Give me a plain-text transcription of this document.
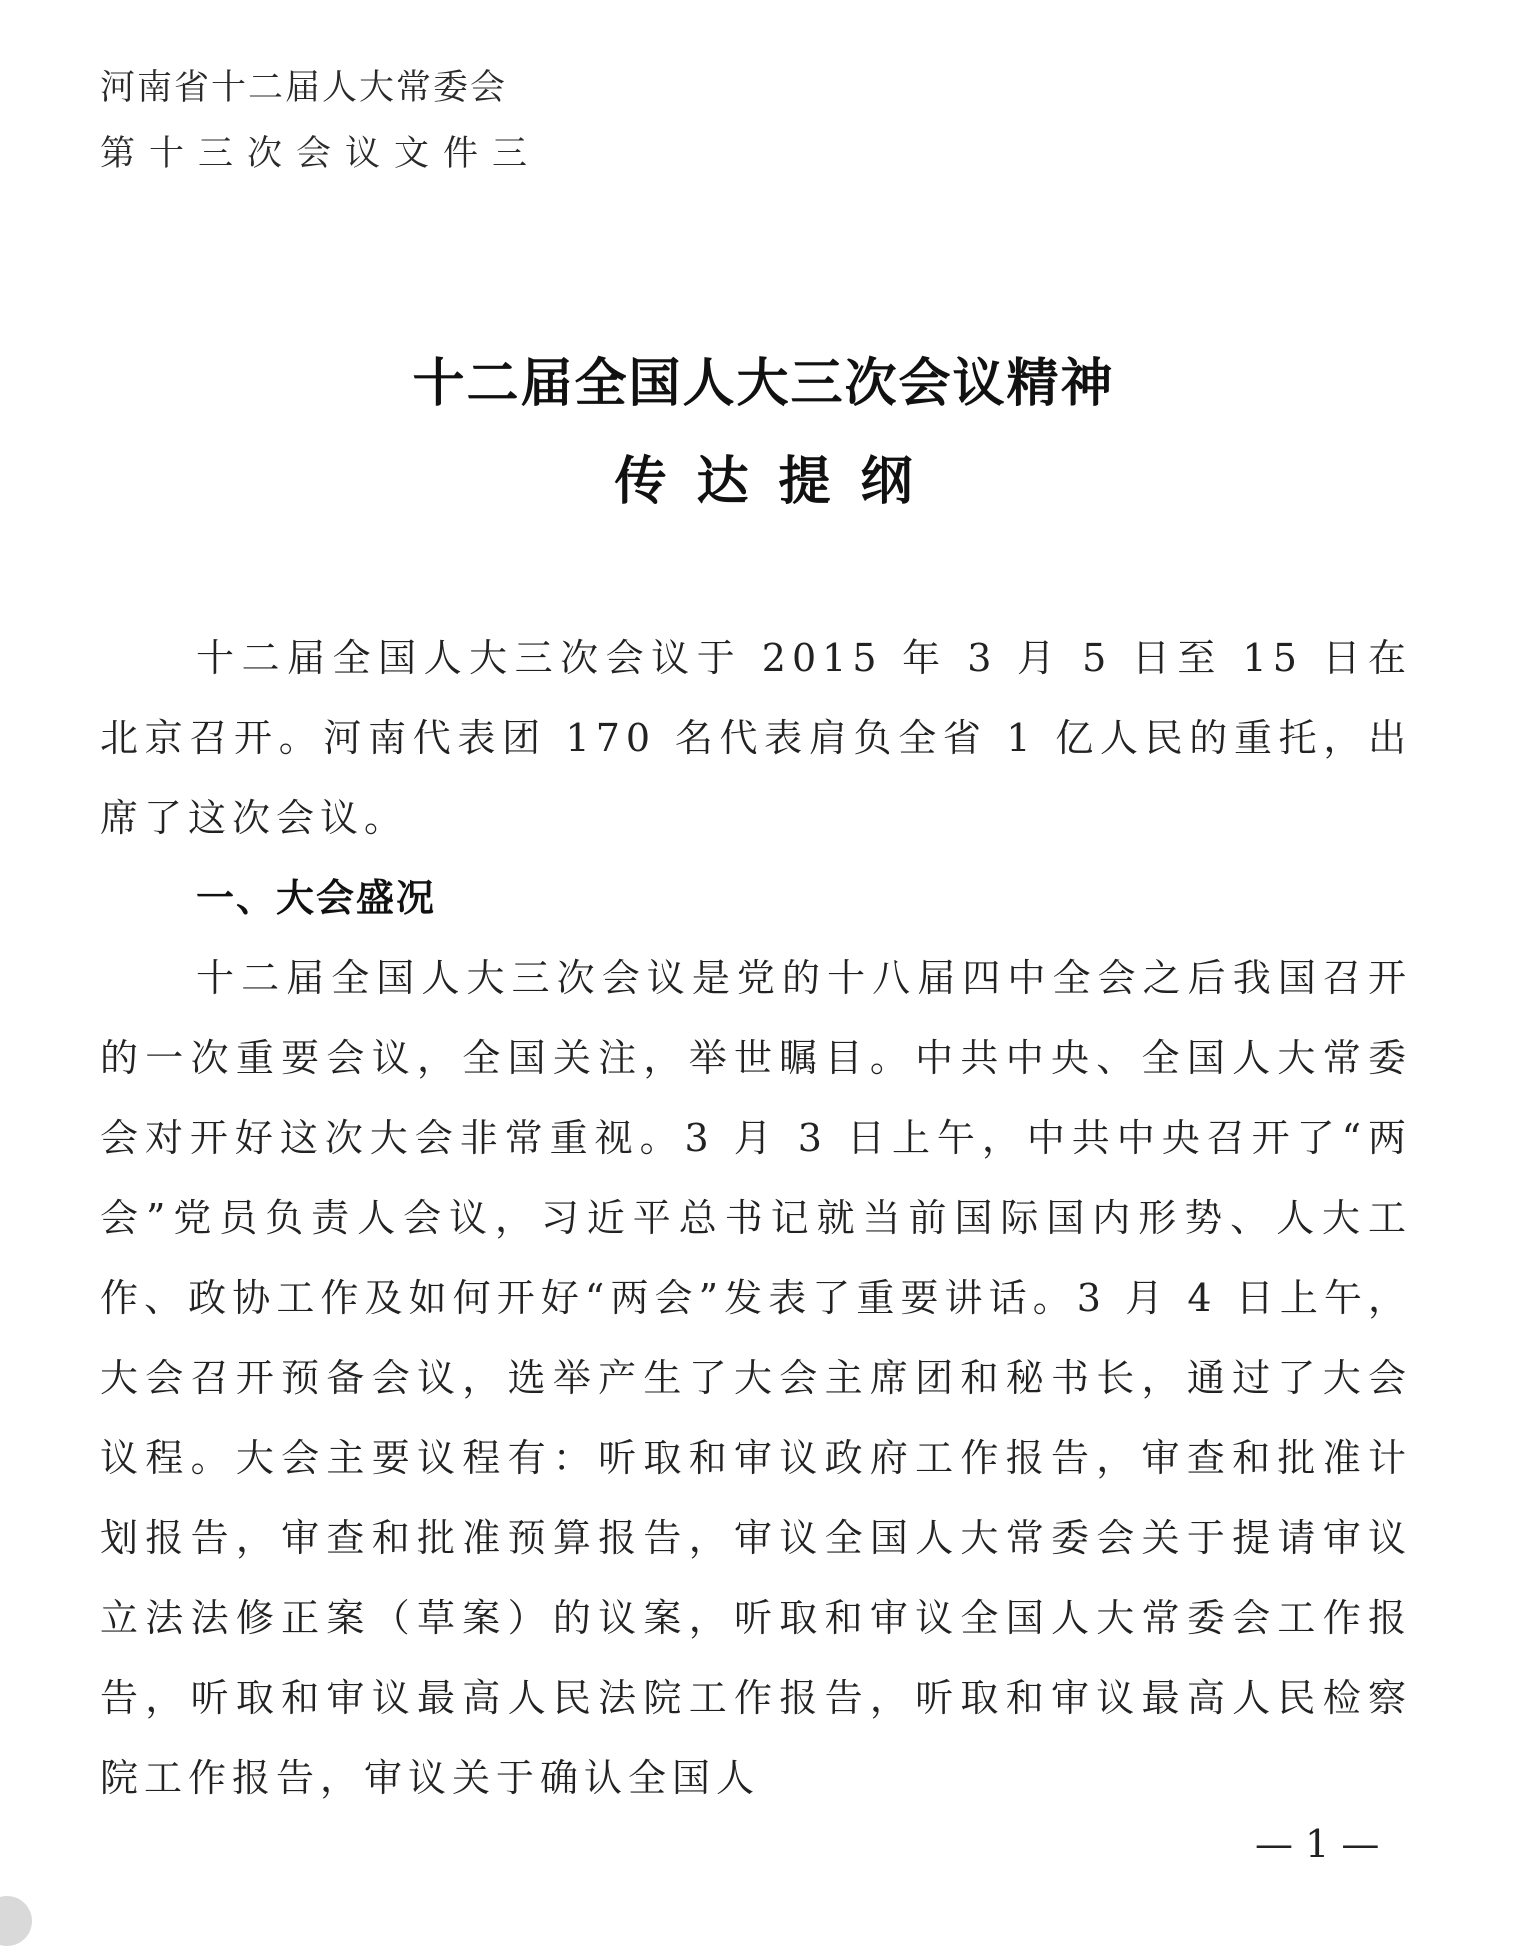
河南省十二届人大常委会
第十三次会议文件三
十二届全国人大三次会议精神
传达提纲

十二届全国人大三次会议于 2015 年 3 月 5 日至 15 日在北京召开。河南代表团 170 名代表肩负全省 1 亿人民的重托，出席了这次会议。

一、大会盛况

十二届全国人大三次会议是党的十八届四中全会之后我国召开的一次重要会议，全国关注，举世瞩目。中共中央、全国人大常委会对开好这次大会非常重视。3 月 3 日上午，中共中央召开了“两会”党员负责人会议，习近平总书记就当前国际国内形势、人大工作、政协工作及如何开好“两会”发表了重要讲话。3 月 4 日上午，大会召开预备会议，选举产生了大会主席团和秘书长，通过了大会议程。大会主要议程有：听取和审议政府工作报告，审查和批准计划报告，审查和批准预算报告，审议全国人大常委会关于提请审议立法法修正案（草案）的议案，听取和审议全国人大常委会工作报告，听取和审议最高人民法院工作报告，听取和审议最高人民检察院工作报告，审议关于确认全国人

— 1 —
